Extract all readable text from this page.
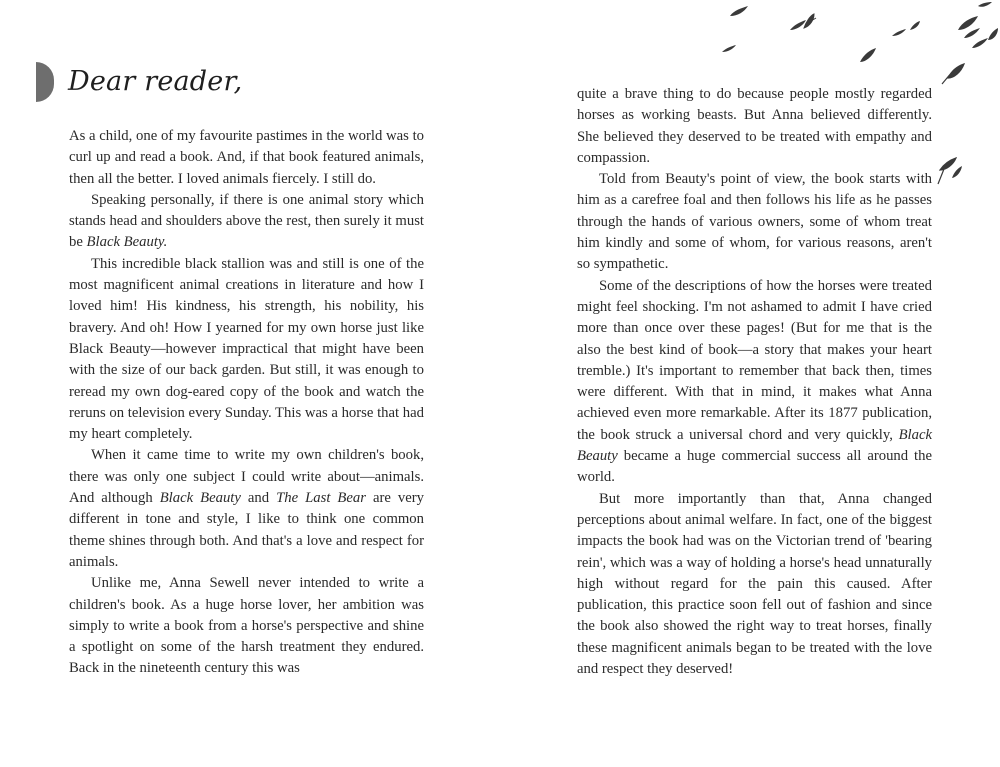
Dear reader,

As a child, one of my favourite pastimes in the world was to curl up and read a book. And, if that book featured animals, then all the better. I loved animals fiercely. I still do.

Speaking personally, if there is one animal story which stands head and shoulders above the rest, then surely it must be Black Beauty.

This incredible black stallion was and still is one of the most magnificent animal creations in literature and how I loved him! His kindness, his strength, his nobility, his bravery. And oh! How I yearned for my own horse just like Black Beauty—however impractical that might have been with the size of our back garden. But still, it was enough to reread my own dog-eared copy of the book and watch the reruns on television every Sunday. This was a horse that had my heart completely.

When it came time to write my own children's book, there was only one subject I could write about—animals. And although Black Beauty and The Last Bear are very different in tone and style, I like to think one common theme shines through both. And that's a love and respect for animals.

Unlike me, Anna Sewell never intended to write a children's book. As a huge horse lover, her ambition was simply to write a book from a horse's perspective and shine a spotlight on some of the harsh treatment they endured. Back in the nineteenth century this was

quite a brave thing to do because people mostly regarded horses as working beasts. But Anna believed differently. She believed they deserved to be treated with empathy and compassion.

Told from Beauty's point of view, the book starts with him as a carefree foal and then follows his life as he passes through the hands of various owners, some of whom treat him kindly and some of whom, for various reasons, aren't so sympathetic.

Some of the descriptions of how the horses were treated might feel shocking. I'm not ashamed to admit I have cried more than once over these pages! (But for me that is the also the best kind of book—a story that makes your heart tremble.) It's important to remember that back then, times were different. With that in mind, it makes what Anna achieved even more remarkable. After its 1877 publication, the book struck a universal chord and very quickly, Black Beauty became a huge commercial success all around the world.

But more importantly than that, Anna changed perceptions about animal welfare. In fact, one of the biggest impacts the book had was on the Victorian trend of 'bearing rein', which was a way of holding a horse's head unnaturally high without regard for the pain this caused. After publication, this practice soon fell out of fashion and since the book also showed the right way to treat horses, finally these magnificent animals began to be treated with the love and respect they deserved!
